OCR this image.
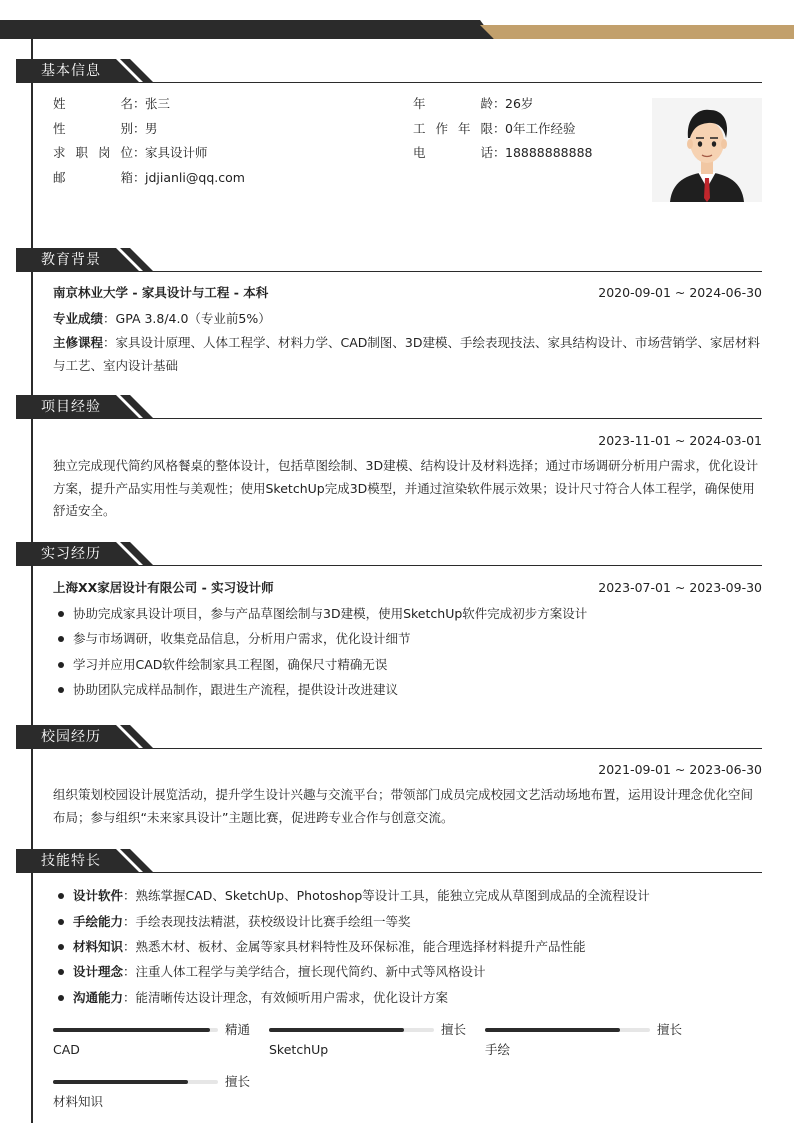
基本信息
姓名：张三	年龄：26岁
性别：男	工作年限：0年工作经验
求职岗位：家具设计师	电话：18888888888
邮箱：jdjianli@qq.com
教育背景
南京林业大学 - 家具设计与工程 - 本科	2020-09-01 ~ 2024-06-30
专业成绩：GPA 3.8/4.0（专业前5%）
主修课程：家具设计原理、人体工程学、材料力学、CAD制图、3D建模、手绘表现技法、家具结构设计、市场营销学、家居材料与工艺、室内设计基础
项目经验
2023-11-01 ~ 2024-03-01
独立完成现代简约风格餐桌的整体设计，包括草图绘制、3D建模、结构设计及材料选择；通过市场调研分析用户需求，优化设计方案，提升产品实用性与美观性；使用SketchUp完成3D模型，并通过渲染软件展示效果；设计尺寸符合人体工程学，确保使用舒适安全。
实习经历
上海XX家居设计有限公司 - 实习设计师	2023-07-01 ~ 2023-09-30
协助完成家具设计项目，参与产品草图绘制与3D建模，使用SketchUp软件完成初步方案设计
参与市场调研，收集竞品信息，分析用户需求，优化设计细节
学习并应用CAD软件绘制家具工程图，确保尺寸精确无误
协助团队完成样品制作，跟进生产流程，提供设计改进建议
校园经历
2021-09-01 ~ 2023-06-30
组织策划校园设计展览活动，提升学生设计兴趣与交流平台；带领部门成员完成校园文艺活动场地布置，运用设计理念优化空间布局；参与组织“未来家具设计”主题比赛，促进跨专业合作与创意交流。
技能特长
设计软件：熟练掌握CAD、SketchUp、Photoshop等设计工具，能独立完成从草图到成品的全流程设计
手绘能力：手绘表现技法精湛，获校级设计比赛手绘组一等奖
材料知识：熟悉木材、板材、金属等家具材料特性及环保标准，能合理选择材料提升产品性能
设计理念：注重人体工程学与美学结合，擅长现代简约、新中式等风格设计
沟通能力：能清晰传达设计理念，有效倾听用户需求，优化设计方案
精通
CAD
擅长
SketchUp
擅长
手绘
擅长
材料知识
